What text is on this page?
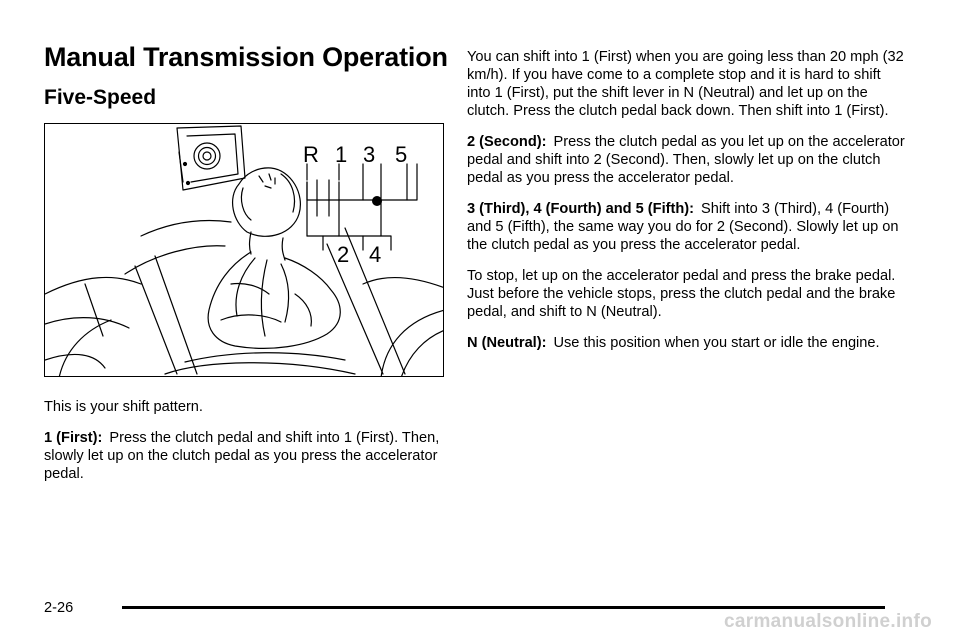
Manual Transmission Operation
Five-Speed
R 1 3 5
2 4

This is your shift pattern.

1 (First): Press the clutch pedal and shift into 1 (First). Then, slowly let up on the clutch pedal as you press the accelerator pedal.

You can shift into 1 (First) when you are going less than 20 mph (32 km/h). If you have come to a complete stop and it is hard to shift into 1 (First), put the shift lever in N (Neutral) and let up on the clutch. Press the clutch pedal back down. Then shift into 1 (First).

2 (Second): Press the clutch pedal as you let up on the accelerator pedal and shift into 2 (Second). Then, slowly let up on the clutch pedal as you press the accelerator pedal.

3 (Third), 4 (Fourth) and 5 (Fifth): Shift into 3 (Third), 4 (Fourth) and 5 (Fifth), the same way you do for 2 (Second). Slowly let up on the clutch pedal as you press the accelerator pedal.

To stop, let up on the accelerator pedal and press the brake pedal. Just before the vehicle stops, press the clutch pedal and the brake pedal, and shift to N (Neutral).

N (Neutral): Use this position when you start or idle the engine.

2-26
carmanualsonline.info
